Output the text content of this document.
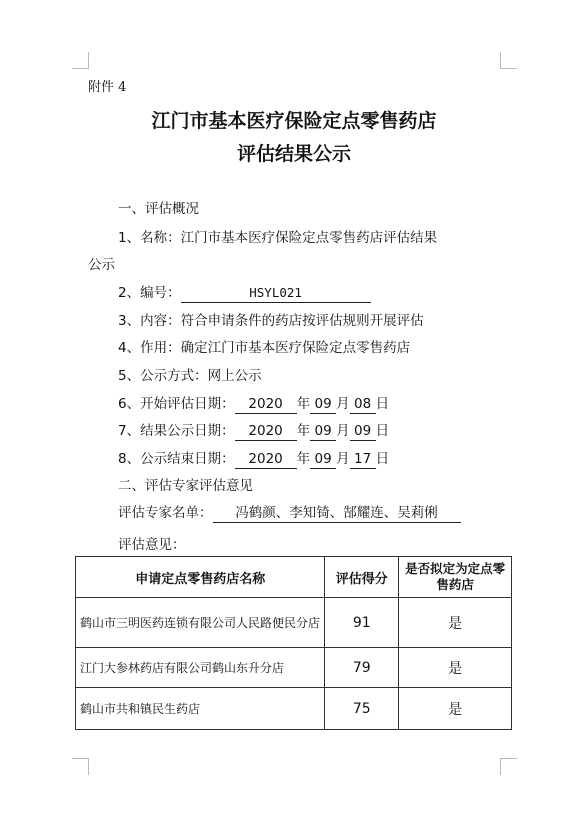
附件 4
江门市基本医疗保险定点零售药店
评估结果公示
一、评估概况
1、名称：江门市基本医疗保险定点零售药店评估结果
公示
2、编号：	HSYL021
3、内容：符合申请条件的药店按评估规则开展评估
4、作用：确定江门市基本医疗保险定点零售药店
5、公示方式：网上公示
6、开始评估日期： 2020 年 09 月 08 日
7、结果公示日期： 2020 年 09 月 09 日
8、公示结束日期： 2020 年 09 月 17 日
二、评估专家评估意见
评估专家名单： 冯鹤颜、李知锜、郜耀连、吴莉俐
评估意见：
申请定点零售药店名称	评估得分	是否拟定为定点零售药店
鹤山市三明医药连锁有限公司人民路便民分店	91	是
江门大参林药店有限公司鹤山东升分店	79	是
鹤山市共和镇民生药店	75	是
